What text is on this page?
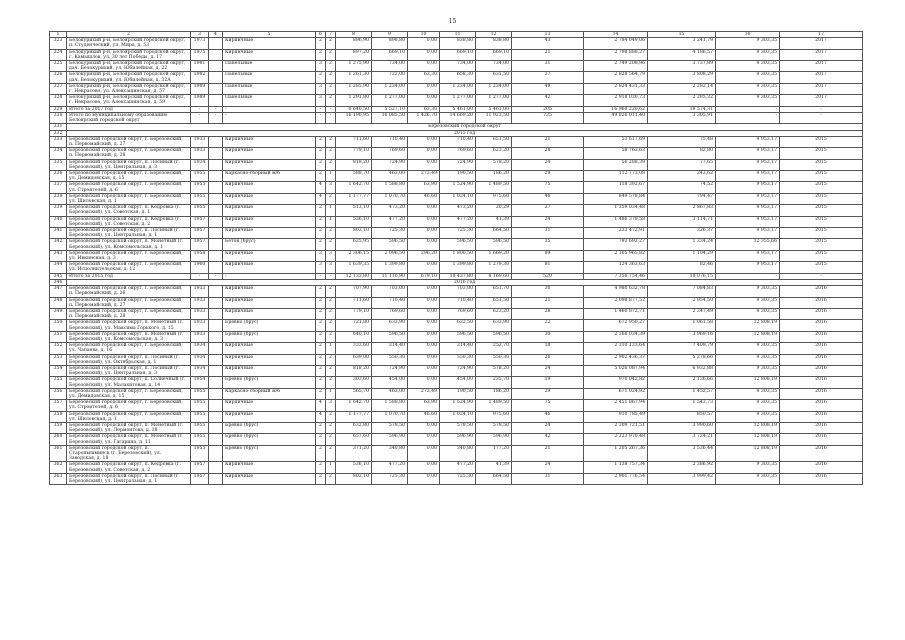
15
1	2	3	4	5	6	7	8	9	10	11	12	13	14	15	16	17
323	Белокурихий р-н, Белоярский городской округ, п. Студенческий, ул. Мира, д. 53	1973		Кирпичные	2	2	896,90	898,80	0,00	838,80	838,80	43	2 784 049,06	3 241,79	9 303,35	2017
324	Белокурихий р-н, Белоярский городской округ, г. Камышлов, ул. 30 лет Победы, д. 17	1975		Кирпичные	2	2	897,20	669,10	0,00	669,10	669,10	21	2 798 888,27	4 186,57	9 303,35	2017
325	Белокурихий р-н, Белоярский городской округ, дач. Белокурихий, ул. Юбилейная, д. 22	1981		Панельные	3	2	1 275,90	734,00	0,00	734,00	734,00	31	2 749 208,96	3 737,89	9 303,35	2017
326	Белокурихий р-н, Белоярский городской округ, дач. Белокурихий, ул. Юбилейная, д. 32А	1982		Панельные	2	2	1 261,30	722,00	63,30	658,30	631,50	37	2 828 564,79	3 808,29	9 303,35	2017
327	Белокурихий р-н, Белоярский городской округ, г. Некрасово, ул. Алексашинская, д. 57	1989		Панельные	3	2	1 285,90	1 234,00	0,00	1 234,00	1 234,00	49	2 824 431,33	2 282,14	9 303,35	2017
328	Белокурихий р-н, Белоярский городской округ, г. Некрасово, ул. Алексашинская, д. 59	1989		Панельные	3	2	1 291,80	1 277,00	0,00	1 277,00	1 277,00	42	2 918 030,73	2 285,32	9 303,35	2017
329	Итого за 2017 год	-	-	-	-	-	6 640,50	5 527,10	63,30	5 461,00	5 461,00	205	16 960 220,62	19 574,31	-	-
330	Итого по муниципальному образованию Белоярский городской округ	-	-	-	-	-	16 190,95	16 085,50	1 426,70	14 669,20	11 923,50	735	49 826 011,40	3 305,91	-	-
331	Березовский городской округ															
332	2015 год															
333	Березовский городской округ, г. Березовский, п. Первомайский, д. 27	1933		Кирпичные	2	2	711,60	710,40	0,00	710,40	651,50	21	53 617,69	75,48	9 953,17	2015
334	Березовский городской округ, г. Березовский, п. Первомайский, д. 28	1933		Кирпичные	2	2	779,10	769,60	0,00	769,60	623,20	28	58 763,63	82,80	9 953,17	2015
335	Березовский городской округ, п. Лосиный (г. Березовский), ул. Центральная, д. 3	1934		Кирпичные	2	2	818,20	724,90	0,00	724,90	578,20	24	56 288,39	77,65	9 953,17	2015
336	Березовский городской округ, г. Березовский, ул. Демидовская, д. 15	1955		Каркасно-сборный м/б	2	1	588,70	463,00	273,49	190,50	186,20	29	112 773,08	243,62	9 953,17	2015
337	Березовский городской округ, г. Березовский, ул. Строителей, д. 6	1955		Кирпичные	4	3	1 642,70	1 588,80	63,90	1 524,90	1 489,50	75	118 392,67	74,52	9 953,17	2015
338	Березовский городской округ, г. Березовский, ул. Шиловская, д. 1	1955		Кирпичные	4	2	1 177,77	1 070,70	46,60	1 024,10	975,60	46	849 578,84	794,47	9 953,17	2015
339	Березовский городской округ, п. Кедровка (г. Березовский), ул. Советская, д. 1	1955		Кирпичные	2	1	513,10	473,20	0,00	473,20	20,29	27	1 359 034,48	2 867,83	9 953,17	2015
340	Березовский городской округ, п. Кедровка (г. Березовский), ул. Советская, д. 2	1957		Кирпичные	2	1	536,10	477,20	0,00	477,20	41,39	24	1 486 379,58	3 114,71	9 953,17	2015
341	Березовский городской округ, п. Лосиный (г. Березовский), ул. Центральная, д. 1	1957		Кирпичные	2	2	802,10	725,30	0,00	725,30	664,50	31	233 472,91	326,37	9 953,17	2015
342	Березовский городской округ, п. Монетный (г. Березовский), ул. Комсомольская, д. 1	1957		Бетон (брус)	2	2	625,95	596,50	0,00	596,50	596,50	35	793 692,27	1 334,24	12 355,66	2015
343	Березовский городской округ, г. Березовский, ул. Ивкинская, д. 3	1958		Кирпичные	3	3	2 306,15	2 096,50	296,20	1 800,50	1 669,20	89	2 105 965,82	1 104,29	9 953,17	2015
344	Березовский городской округ, г. Березовский, ул. Исполнительская, д. 12	1960		Кирпичные	3	3	1 639,35	1 399,80	0,00	1 399,80	1 279,30	81	124 363,63	82,46	9 953,17	2015
345	Итого за 2015 год	-	-	-	-	-	12 133,80	11 116,90	679,10	10 437,80	8 169,60	520	7 356 754,46	10 076,15	-	-
346	2016 год															
347	Березовский городской округ, г. Березовский, п. Первомайский, д. 26	1933		Кирпичные	2	2	707,90	703,00	0,00	703,00	651,70	30	4 980 632,78	7 084,83	9 303,35	2016
348	Березовский городской округ, г. Березовский, п. Первомайский, д. 27	1933		Кирпичные	2	2	711,60	710,40	0,00	710,40	651,50	21	2 098 877,52	2 954,50	9 303,35	2016
349	Березовский городской округ, г. Березовский, п. Первомайский, д. 28	1933		Кирпичные	2	2	779,10	769,60	0,00	769,60	623,20	28	1 460 872,71	2 347,49	9 303,35	2016
350	Березовский городской округ, п. Монетный (г. Березовский), ул. Максима Горького, д. 15	1933		Бревно (брус)	2	2	721,80	633,90	0,00	632,50	633,90	22	672 950,27	1 061,58	12 808,19	2016
351	Березовский городской округ, п. Монетный (г. Березовский), ул. Комсомольская, д. 3	1933		Бревно (брус)	2	2	640,10	596,50	0,00	596,50	596,50	30	2 368 034,39	3 969,16	12 808,19	2016
352	Березовский городской округ, г. Березовский, ул. Чапаева, д. 16	1934		Кирпичные	2	1	333,60	314,40	0,00	314,40	252,70	18	2 310 133,64	7 409,79	9 303,35	2016
353	Березовский городской округ, п. Лосиный (г. Березовский), ул. Октябрьская, д. 1	1934		Кирпичные	2	2	639,00	550,30	0,00	550,30	550,30	26	2 902 436,37	5 278,66	9 303,35	2016
354	Березовский городской округ, п. Лосиный (г. Березовский), ул. Центральная, д. 3	1934		Кирпичные	2	2	818,20	724,90	0,00	724,90	578,20	24	5 026 087,94	6 932,88	9 303,35	2016
355	Березовский городской округ, п. Солнечный (г. Березовский), ул. Малахитовая, д. 14	1954		Бревно (брус)	2	2	303,60	454,00	0,00	454,00	235,70	19	970 042,82	2 136,66	12 808,19	2016
356	Березовский городской округ, г. Березовский, ул. Демидовская, д. 15	1955		Каркасно-сборный м/б	2	1	565,70	463,00	273,49	190,50	186,20	29	671 024,92	1 452,57	9 303,35	2016
357	Березовский городской округ, г. Березовский, ул. Строителей, д. 6	1955		Кирпичные	4	3	1 642,70	1 588,80	63,90	1 524,90	1 489,50	75	2 451 867,94	1 543,73	9 303,35	2016
358	Березовский городской округ, г. Березовский, ул. Шиловская, д. 1	1955		Кирпичные	4	2	1 177,77	1 070,70	46,60	1 024,10	975,60	46	910 785,49	850,57	9 303,35	2016
359	Березовский городской округ, п. Монетный (г. Березовский), ул. Лермонтова, д. 18	1955		Бревно (брус)	2	2	632,80	578,50	0,00	578,50	578,50	24	2 309 721,51	3 990,60	12 808,19	2016
360	Березовский городской округ, п. Монетный (г. Березовский), ул. Гагарина, д. 11	1955		Бревно (брус)	2	2	657,60	596,90	0,00	596,90	596,90	42	2 223 970,48	3 724,21	12 808,19	2016
361	Березовский городской округ, п. Старопышминск (г. Березовский), ул. Заводская, д. 18	1955		Бревно (брус)	2	2	371,20	340,80	0,00	340,80	177,20	21	1 205 267,36	3 536,44	12 808,19	2016
362	Березовский городской округ, п. Кедровка (г. Березовский), ул. Советская, д. 2	1957		Кирпичные	2	1	536,10	477,20	0,00	477,20	41,39	24	1 138 757,34	2 386,92	9 303,35	2016
363	Березовский городской округ, п. Лосиный (г. Березовский), ул. Центральная, д. 1	1957		Кирпичные	2	2	802,10	725,30	0,00	725,30	664,50	31	2 901 776,54	3 999,42	9 303,35	2016
